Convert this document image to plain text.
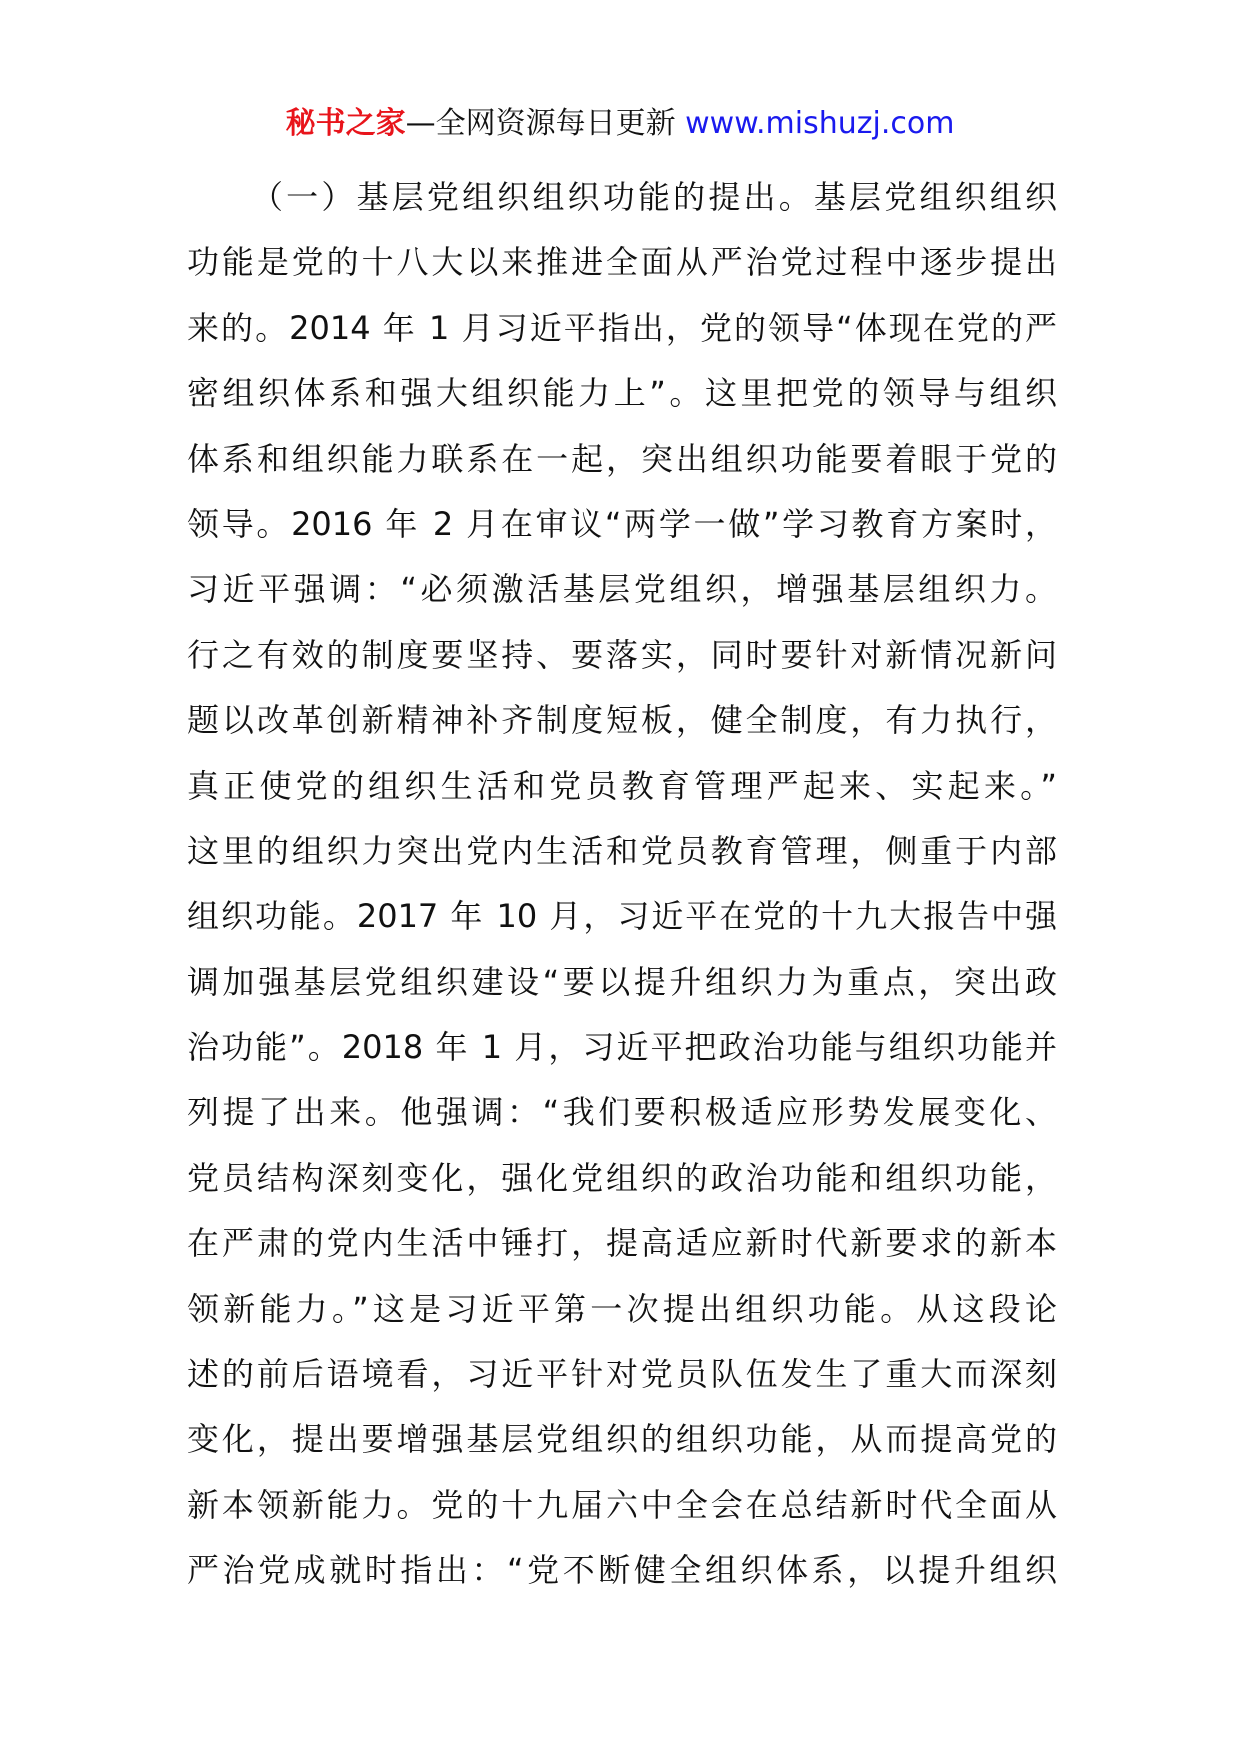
秘书之家—全网资源每日更新 www.mishuzj.com
（一）基层党组织组织功能的提出。基层党组织组织
功能是党的十八大以来推进全面从严治党过程中逐步提出
来的。2014 年 1 月习近平指出，党的领导“体现在党的严
密组织体系和强大组织能力上”。这里把党的领导与组织
体系和组织能力联系在一起，突出组织功能要着眼于党的
领导。2016 年 2 月在审议“两学一做”学习教育方案时，
习近平强调：“必须激活基层党组织，增强基层组织力。
行之有效的制度要坚持、要落实，同时要针对新情况新问
题以改革创新精神补齐制度短板，健全制度，有力执行，
真正使党的组织生活和党员教育管理严起来、实起来。”
这里的组织力突出党内生活和党员教育管理，侧重于内部
组织功能。2017 年 10 月，习近平在党的十九大报告中强
调加强基层党组织建设“要以提升组织力为重点，突出政
治功能”。2018 年 1 月，习近平把政治功能与组织功能并
列提了出来。他强调：“我们要积极适应形势发展变化、
党员结构深刻变化，强化党组织的政治功能和组织功能，
在严肃的党内生活中锤打，提高适应新时代新要求的新本
领新能力。”这是习近平第一次提出组织功能。从这段论
述的前后语境看，习近平针对党员队伍发生了重大而深刻
变化，提出要增强基层党组织的组织功能，从而提高党的
新本领新能力。党的十九届六中全会在总结新时代全面从
严治党成就时指出：“党不断健全组织体系，以提升组织
